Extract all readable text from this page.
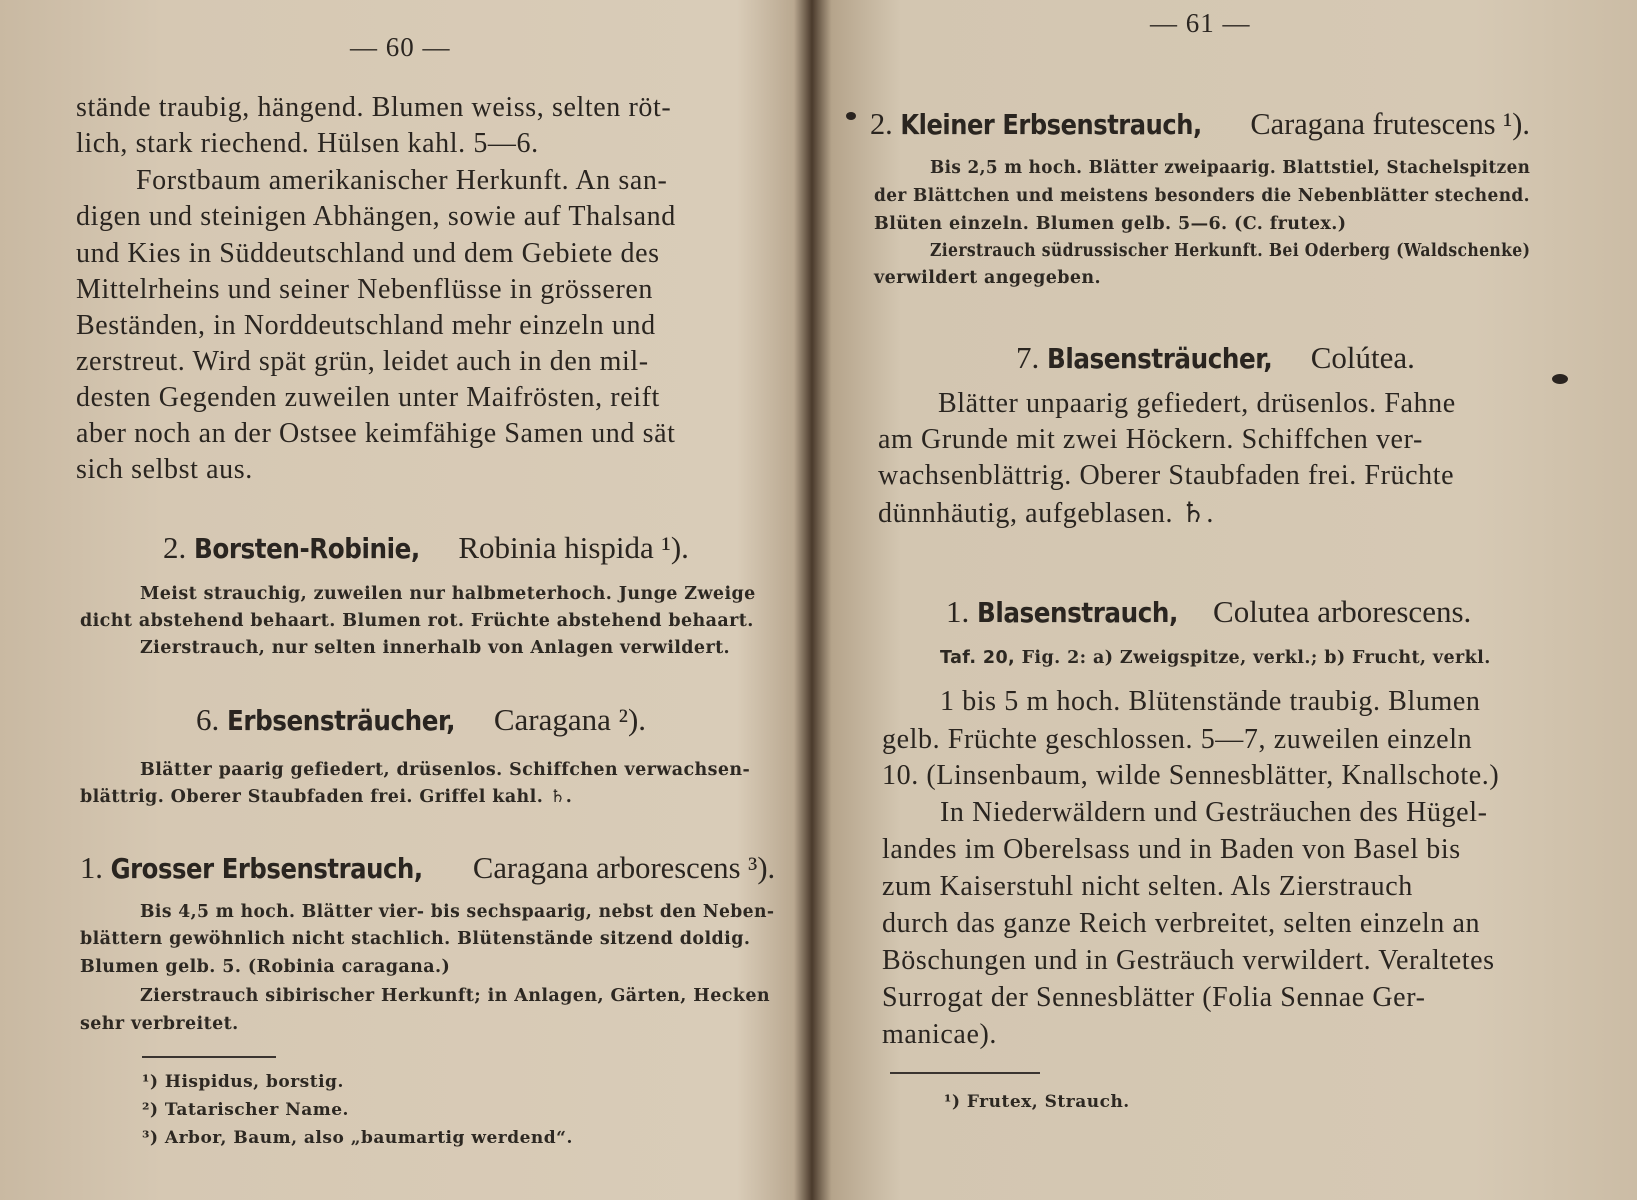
— 60 —
stände traubig, hängend. Blumen weiss, selten röt-
lich, stark riechend. Hülsen kahl. 5—6.
Forstbaum amerikanischer Herkunft. An san-
digen und steinigen Abhängen, sowie auf Thalsand
und Kies in Süddeutschland und dem Gebiete des
Mittelrheins und seiner Nebenflüsse in grösseren
Beständen, in Norddeutschland mehr einzeln und
zerstreut. Wird spät grün, leidet auch in den mil-
desten Gegenden zuweilen unter Maifrösten, reift
aber noch an der Ostsee keimfähige Samen und sät
sich selbst aus.
2. Borsten-Robinie, Robinia hispida ¹).
Meist strauchig, zuweilen nur halbmeterhoch. Junge Zweige
dicht abstehend behaart. Blumen rot. Früchte abstehend behaart.
Zierstrauch, nur selten innerhalb von Anlagen verwildert.
6. Erbsensträucher, Caragana ²).
Blätter paarig gefiedert, drüsenlos. Schiffchen verwachsen-
blättrig. Oberer Staubfaden frei. Griffel kahl. ♄.
1. Grosser Erbsenstrauch, Caragana arborescens ³).
Bis 4,5 m hoch. Blätter vier- bis sechspaarig, nebst den Neben-
blättern gewöhnlich nicht stachlich. Blütenstände sitzend doldig.
Blumen gelb. 5. (Robinia caragana.)
Zierstrauch sibirischer Herkunft; in Anlagen, Gärten, Hecken
sehr verbreitet.
¹) Hispidus, borstig.
²) Tatarischer Name.
³) Arbor, Baum, also „baumartig werdend“.
— 61 —
2. Kleiner Erbsenstrauch, Caragana frutescens ¹).
Bis 2,5 m hoch. Blätter zweipaarig. Blattstiel, Stachelspitzen
der Blättchen und meistens besonders die Nebenblätter stechend.
Blüten einzeln. Blumen gelb. 5—6. (C. frutex.)
Zierstrauch südrussischer Herkunft. Bei Oderberg (Waldschenke)
verwildert angegeben.
7. Blasensträucher, Colútea.
Blätter unpaarig gefiedert, drüsenlos. Fahne
am Grunde mit zwei Höckern. Schiffchen ver-
wachsenblättrig. Oberer Staubfaden frei. Früchte
dünnhäutig, aufgeblasen. ♄.
1. Blasenstrauch, Colutea arborescens.
Taf. 20, Fig. 2: a) Zweigspitze, verkl.; b) Frucht, verkl.
1 bis 5 m hoch. Blütenstände traubig. Blumen
gelb. Früchte geschlossen. 5—7, zuweilen einzeln
10. (Linsenbaum, wilde Sennesblätter, Knallschote.)
In Niederwäldern und Gesträuchen des Hügel-
landes im Oberelsass und in Baden von Basel bis
zum Kaiserstuhl nicht selten. Als Zierstrauch
durch das ganze Reich verbreitet, selten einzeln an
Böschungen und in Gesträuch verwildert. Veraltetes
Surrogat der Sennesblätter (Folia Sennae Ger-
manicae).
¹) Frutex, Strauch.
